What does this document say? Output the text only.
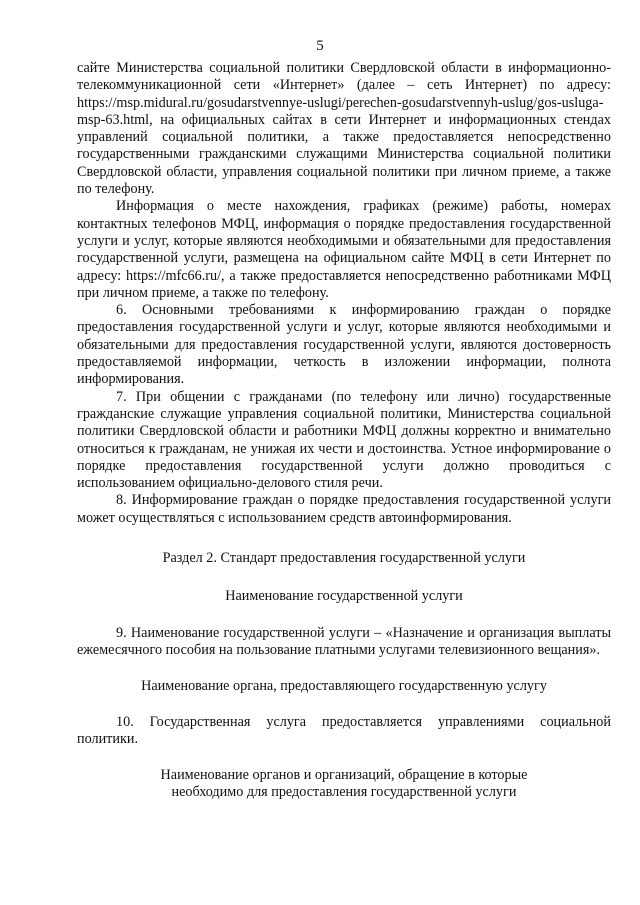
5

сайте Министерства социальной политики Свердловской области в информационно-телекоммуникационной сети «Интернет» (далее – сеть Интернет) по адресу: https://msp.midural.ru/gosudarstvennye-uslugi/perechen-gosudarstvennyh-uslug/gos-usluga-msp-63.html, на официальных сайтах в сети Интернет и информационных стендах управлений социальной политики, а также предоставляется непосредственно государственными гражданскими служащими Министерства социальной политики Свердловской области, управления социальной политики при личном приеме, а также по телефону.

Информация о месте нахождения, графиках (режиме) работы, номерах контактных телефонов МФЦ, информация о порядке предоставления государственной услуги и услуг, которые являются необходимыми и обязательными для предоставления государственной услуги, размещена на официальном сайте МФЦ в сети Интернет по адресу: https://mfc66.ru/, а также предоставляется непосредственно работниками МФЦ при личном приеме, а также по телефону.

6. Основными требованиями к информированию граждан о порядке предоставления государственной услуги и услуг, которые являются необходимыми и обязательными для предоставления государственной услуги, являются достоверность предоставляемой информации, четкость в изложении информации, полнота информирования.

7. При общении с гражданами (по телефону или лично) государственные гражданские служащие управления социальной политики, Министерства социальной политики Свердловской области и работники МФЦ должны корректно и внимательно относиться к гражданам, не унижая их чести и достоинства. Устное информирование о порядке предоставления государственной услуги должно проводиться с использованием официально-делового стиля речи.

8. Информирование граждан о порядке предоставления государственной услуги может осуществляться с использованием средств автоинформирования.

Раздел 2. Стандарт предоставления государственной услуги

Наименование государственной услуги

9. Наименование государственной услуги – «Назначение и организация выплаты ежемесячного пособия на пользование платными услугами телевизионного вещания».

Наименование органа, предоставляющего государственную услугу

10. Государственная услуга предоставляется управлениями социальной политики.

Наименование органов и организаций, обращение в которые

необходимо для предоставления государственной услуги
